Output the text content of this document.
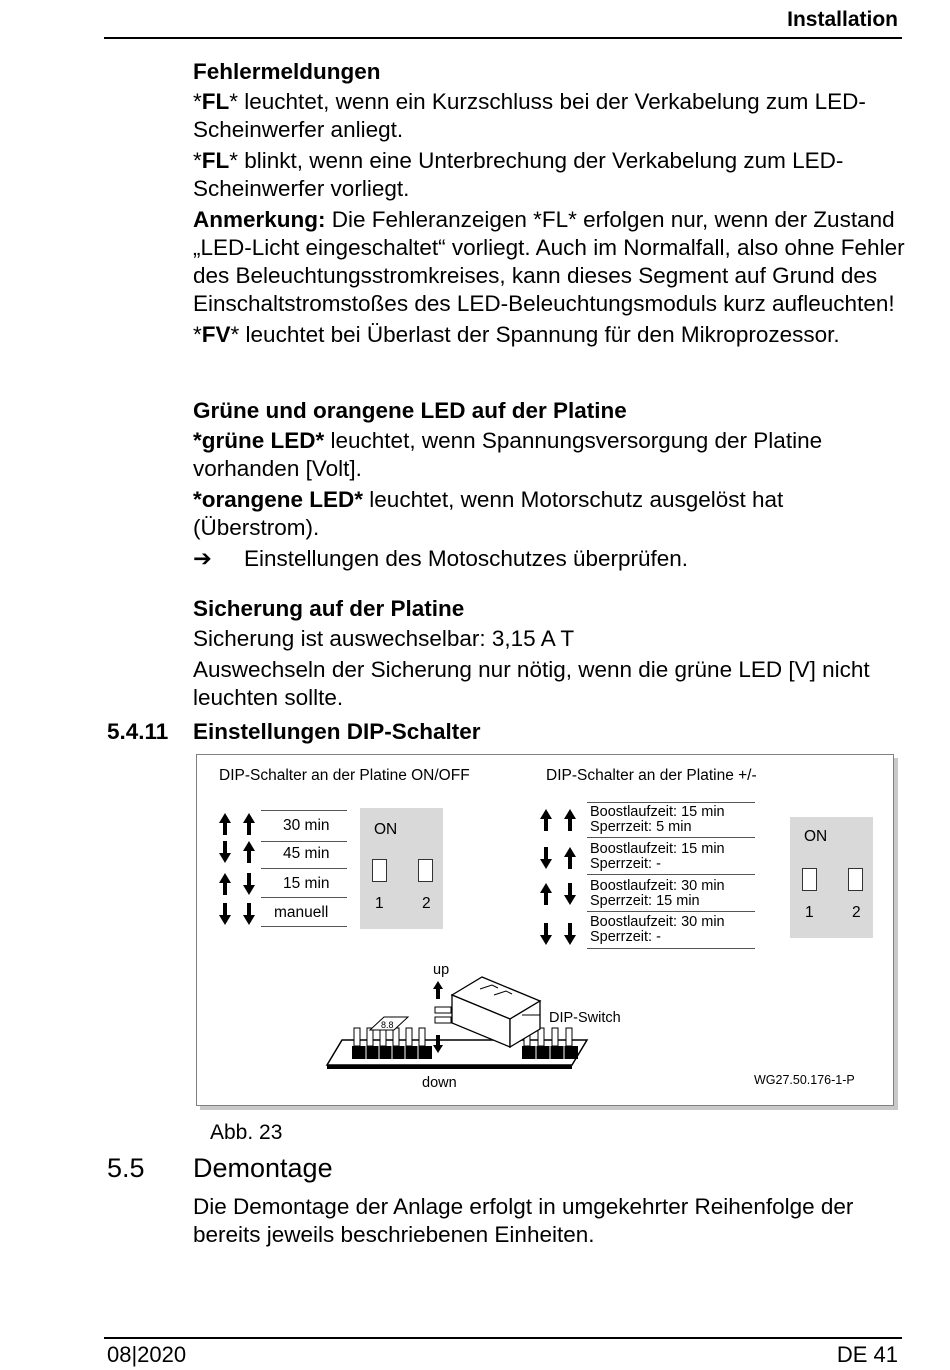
Installation
Fehlermeldungen

*FL* leuchtet, wenn ein Kurzschluss bei der Verkabelung zum LED-Scheinwerfer anliegt.

*FL* blinkt, wenn eine Unterbrechung der Verkabelung zum LED-Scheinwerfer vorliegt.

Anmerkung: Die Fehleranzeigen *FL* erfolgen nur, wenn der Zustand „LED-Licht eingeschaltet“ vorliegt. Auch im Normalfall, also ohne Fehler des Beleuchtungsstromkreises, kann dieses Segment auf Grund des Einschaltstromstoßes des LED-Beleuchtungsmoduls kurz aufleuchten!

*FV* leuchtet bei Überlast der Spannung für den Mikroprozessor.

Grüne und orangene LED auf der Platine

*grüne LED* leuchtet, wenn Spannungsversorgung der Platine vorhanden [Volt].

*orangene LED* leuchtet, wenn Motorschutz ausgelöst hat (Überstrom).

➔	Einstellungen des Motoschutzes überprüfen.

Sicherung auf der Platine

Sicherung ist auswechselbar: 3,15 A T

Auswechseln der Sicherung nur nötig, wenn die grüne LED [V] nicht leuchten sollte.

5.4.11 Einstellungen DIP-Schalter
DIP-Schalter an der Platine ON/OFF	DIP-Schalter an der Platine +/-
30 min
45 min
15 min
manuell
ON
1 2
Boostlaufzeit: 15 min
Sperrzeit: 5 min
Boostlaufzeit: 15 min
Sperrzeit: -
Boostlaufzeit: 30 min
Sperrzeit: 15 min
Boostlaufzeit: 30 min
Sperrzeit: -
ON
1 2
8.8
up
down
DIP-Switch
WG27.50.176-1-P
Abb. 23
5.5 Demontage
Die Demontage der Anlage erfolgt in umgekehrter Reihenfolge der bereits jeweils beschriebenen Einheiten.
08|2020	DE 41
